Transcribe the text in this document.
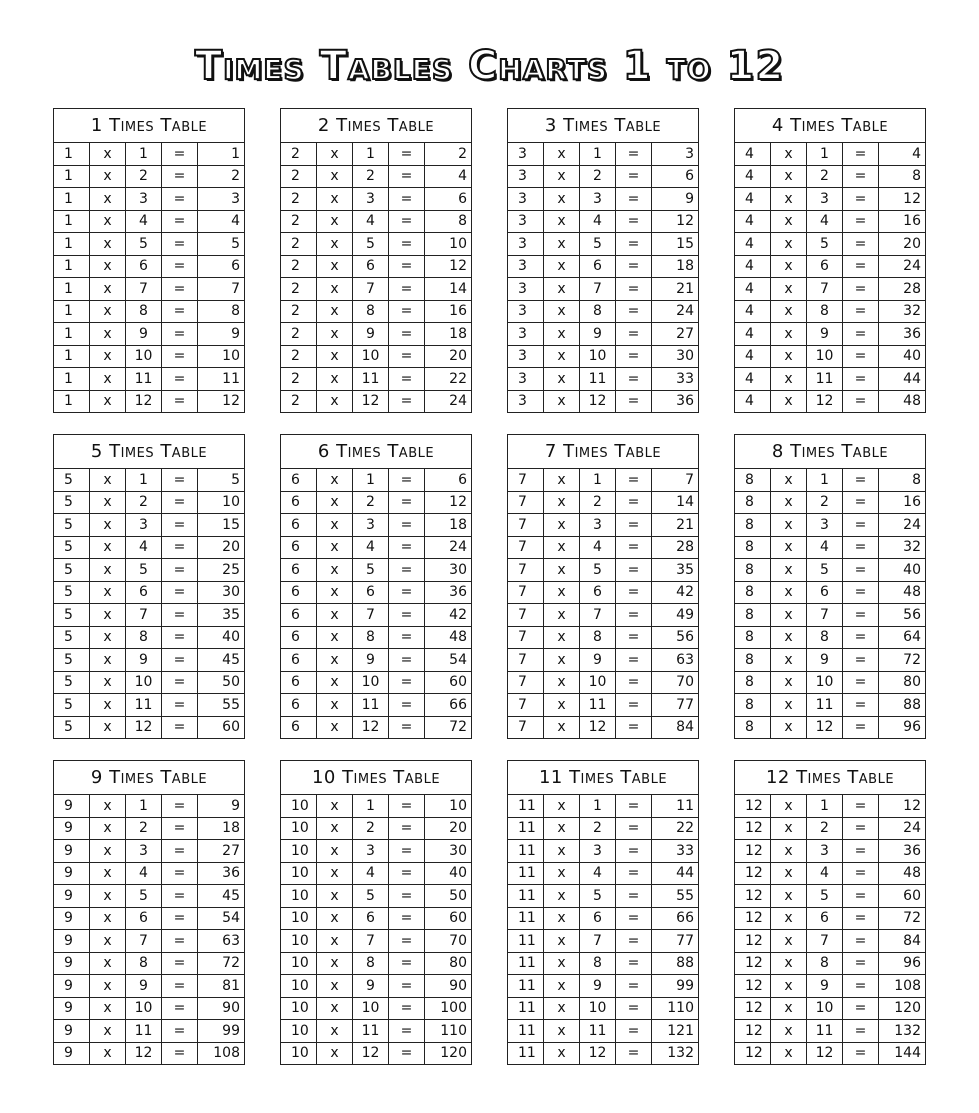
Times Tables Charts 1 to 12
1 Times Table
1	x	1	=	1
1	x	2	=	2
1	x	3	=	3
1	x	4	=	4
1	x	5	=	5
1	x	6	=	6
1	x	7	=	7
1	x	8	=	8
1	x	9	=	9
1	x	10	=	10
1	x	11	=	11
1	x	12	=	12
2 Times Table
2	x	1	=	2
2	x	2	=	4
2	x	3	=	6
2	x	4	=	8
2	x	5	=	10
2	x	6	=	12
2	x	7	=	14
2	x	8	=	16
2	x	9	=	18
2	x	10	=	20
2	x	11	=	22
2	x	12	=	24
3 Times Table
3	x	1	=	3
3	x	2	=	6
3	x	3	=	9
3	x	4	=	12
3	x	5	=	15
3	x	6	=	18
3	x	7	=	21
3	x	8	=	24
3	x	9	=	27
3	x	10	=	30
3	x	11	=	33
3	x	12	=	36
4 Times Table
4	x	1	=	4
4	x	2	=	8
4	x	3	=	12
4	x	4	=	16
4	x	5	=	20
4	x	6	=	24
4	x	7	=	28
4	x	8	=	32
4	x	9	=	36
4	x	10	=	40
4	x	11	=	44
4	x	12	=	48
5 Times Table
5	x	1	=	5
5	x	2	=	10
5	x	3	=	15
5	x	4	=	20
5	x	5	=	25
5	x	6	=	30
5	x	7	=	35
5	x	8	=	40
5	x	9	=	45
5	x	10	=	50
5	x	11	=	55
5	x	12	=	60
6 Times Table
6	x	1	=	6
6	x	2	=	12
6	x	3	=	18
6	x	4	=	24
6	x	5	=	30
6	x	6	=	36
6	x	7	=	42
6	x	8	=	48
6	x	9	=	54
6	x	10	=	60
6	x	11	=	66
6	x	12	=	72
7 Times Table
7	x	1	=	7
7	x	2	=	14
7	x	3	=	21
7	x	4	=	28
7	x	5	=	35
7	x	6	=	42
7	x	7	=	49
7	x	8	=	56
7	x	9	=	63
7	x	10	=	70
7	x	11	=	77
7	x	12	=	84
8 Times Table
8	x	1	=	8
8	x	2	=	16
8	x	3	=	24
8	x	4	=	32
8	x	5	=	40
8	x	6	=	48
8	x	7	=	56
8	x	8	=	64
8	x	9	=	72
8	x	10	=	80
8	x	11	=	88
8	x	12	=	96
9 Times Table
9	x	1	=	9
9	x	2	=	18
9	x	3	=	27
9	x	4	=	36
9	x	5	=	45
9	x	6	=	54
9	x	7	=	63
9	x	8	=	72
9	x	9	=	81
9	x	10	=	90
9	x	11	=	99
9	x	12	=	108
10 Times Table
10	x	1	=	10
10	x	2	=	20
10	x	3	=	30
10	x	4	=	40
10	x	5	=	50
10	x	6	=	60
10	x	7	=	70
10	x	8	=	80
10	x	9	=	90
10	x	10	=	100
10	x	11	=	110
10	x	12	=	120
11 Times Table
11	x	1	=	11
11	x	2	=	22
11	x	3	=	33
11	x	4	=	44
11	x	5	=	55
11	x	6	=	66
11	x	7	=	77
11	x	8	=	88
11	x	9	=	99
11	x	10	=	110
11	x	11	=	121
11	x	12	=	132
12 Times Table
12	x	1	=	12
12	x	2	=	24
12	x	3	=	36
12	x	4	=	48
12	x	5	=	60
12	x	6	=	72
12	x	7	=	84
12	x	8	=	96
12	x	9	=	108
12	x	10	=	120
12	x	11	=	132
12	x	12	=	144
